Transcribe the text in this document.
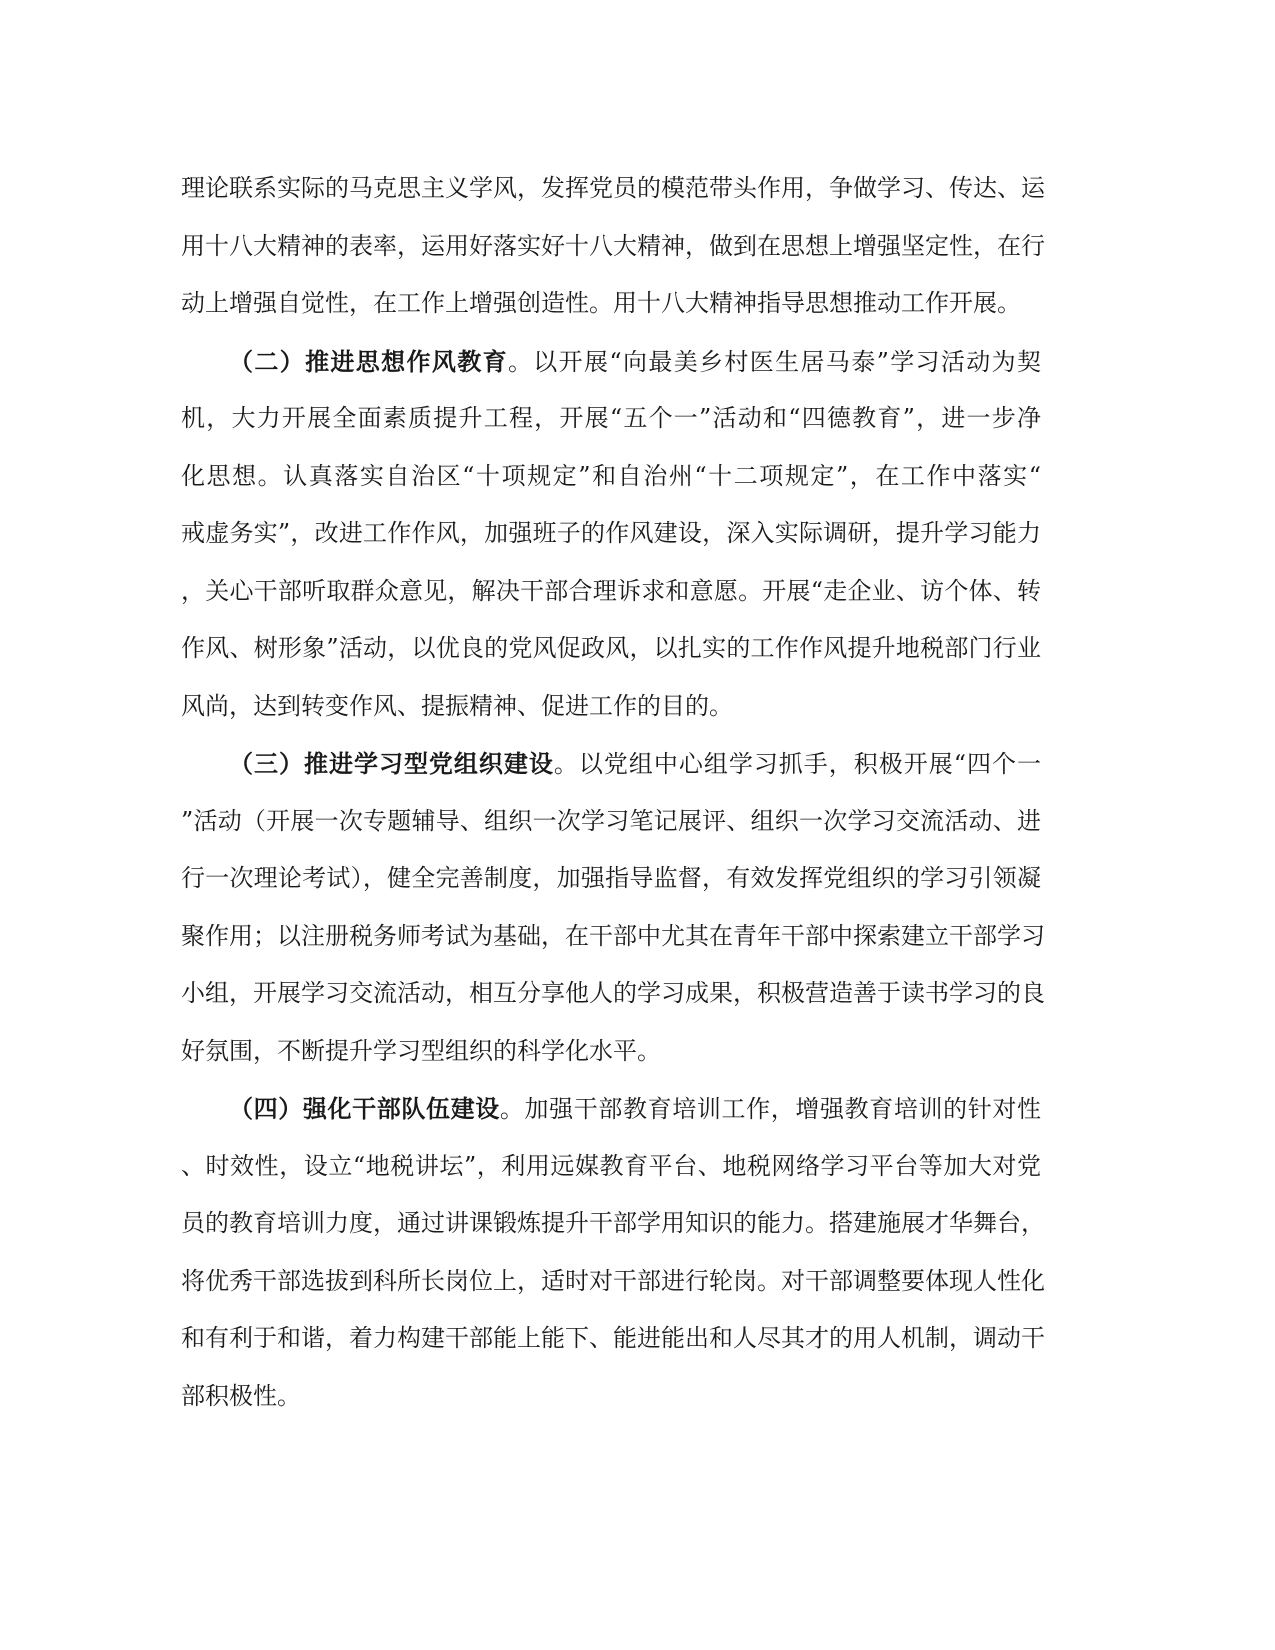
理论联系实际的马克思主义学风，发挥党员的模范带头作用，争做学习、传达、运
用十八大精神的表率，运用好落实好十八大精神，做到在思想上增强坚定性，在行
动上增强自觉性，在工作上增强创造性。用十八大精神指导思想推动工作开展。
（二）推进思想作风教育。以开展“向最美乡村医生居马泰”学习活动为契
机，大力开展全面素质提升工程，开展“五个一”活动和“四德教育”，进一步净
化思想。认真落实自治区“十项规定”和自治州“十二项规定”，在工作中落实“
戒虚务实”，改进工作作风，加强班子的作风建设，深入实际调研，提升学习能力
，关心干部听取群众意见，解决干部合理诉求和意愿。开展“走企业、访个体、转
作风、树形象”活动，以优良的党风促政风，以扎实的工作作风提升地税部门行业
风尚，达到转变作风、提振精神、促进工作的目的。
（三）推进学习型党组织建设。以党组中心组学习抓手，积极开展“四个一
”活动（开展一次专题辅导、组织一次学习笔记展评、组织一次学习交流活动、进
行一次理论考试），健全完善制度，加强指导监督，有效发挥党组织的学习引领凝
聚作用；以注册税务师考试为基础，在干部中尤其在青年干部中探索建立干部学习
小组，开展学习交流活动，相互分享他人的学习成果，积极营造善于读书学习的良
好氛围，不断提升学习型组织的科学化水平。
（四）强化干部队伍建设。加强干部教育培训工作，增强教育培训的针对性
、时效性，设立“地税讲坛”，利用远媒教育平台、地税网络学习平台等加大对党
员的教育培训力度，通过讲课锻炼提升干部学用知识的能力。搭建施展才华舞台，
将优秀干部选拔到科所长岗位上，适时对干部进行轮岗。对干部调整要体现人性化
和有利于和谐，着力构建干部能上能下、能进能出和人尽其才的用人机制，调动干
部积极性。
